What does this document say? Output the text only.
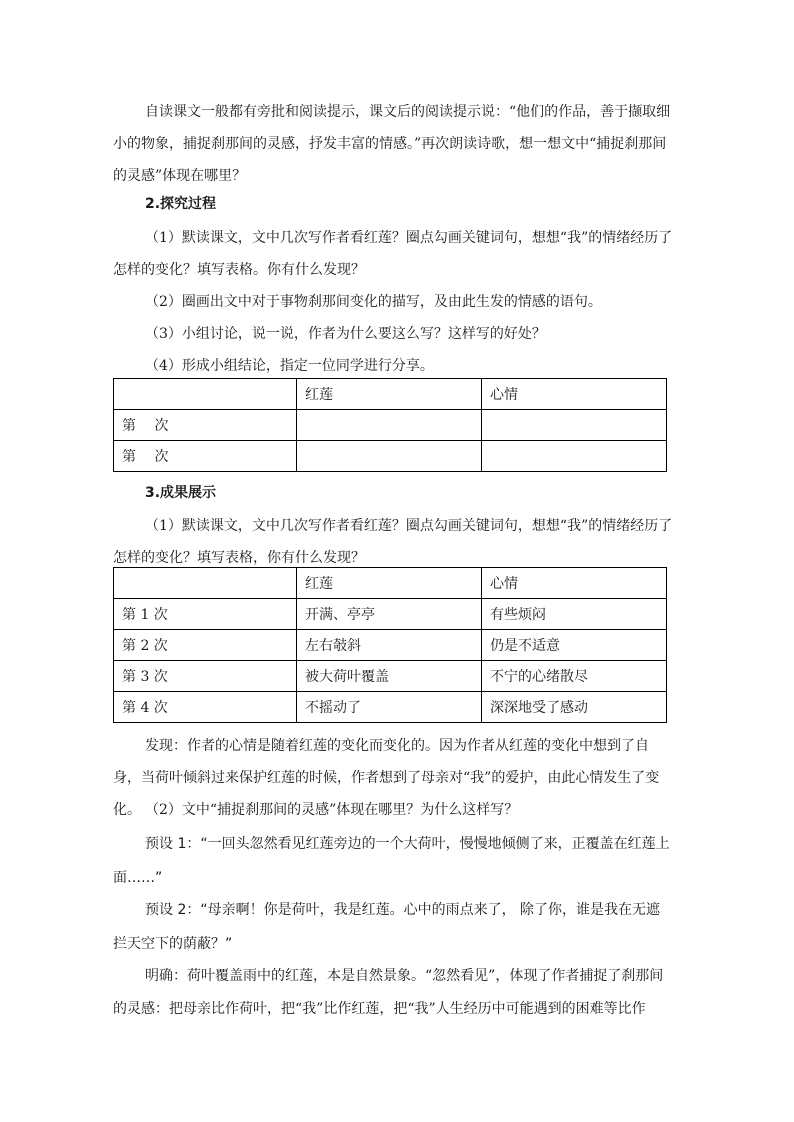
自读课文一般都有旁批和阅读提示，课文后的阅读提示说：“他们的作品，善于撷取细小的物象，捕捉刹那间的灵感，抒发丰富的情感。”再次朗读诗歌，想一想文中“捕捉刹那间的灵感”体现在哪里？

2.探究过程

（1）默读课文，文中几次写作者看红莲？圈点勾画关键词句，想想“我”的情绪经历了怎样的变化？填写表格。你有什么发现？

（2）圈画出文中对于事物刹那间变化的描写，及由此生发的情感的语句。

（3）小组讨论，说一说，作者为什么要这么写？这样写的好处？

（4）形成小组结论，指定一位同学进行分享。

	红莲	心情
第　 次		
第　 次		

3.成果展示

（1）默读课文，文中几次写作者看红莲？圈点勾画关键词句，想想“我”的情绪经历了怎样的变化？填写表格，你有什么发现？

	红莲	心情
第 1 次	开满、亭亭	有些烦闷
第 2 次	左右攲斜	仍是不适意
第 3 次	被大荷叶覆盖	不宁的心绪散尽
第 4 次	不摇动了	深深地受了感动

发现：作者的心情是随着红莲的变化而变化的。因为作者从红莲的变化中想到了自身，当荷叶倾斜过来保护红莲的时候，作者想到了母亲对“我”的爱护，由此心情发生了变化。 （2）文中“捕捉刹那间的灵感”体现在哪里？为什么这样写？

预设 1：“一回头忽然看见红莲旁边的一个大荷叶，慢慢地倾侧了来，正覆盖在红莲上面……”

预设 2：“母亲啊！你是荷叶，我是红莲。心中的雨点来了， 除了你，谁是我在无遮拦天空下的荫蔽？”

明确：荷叶覆盖雨中的红莲，本是自然景象。“忽然看见”，体现了作者捕捉了刹那间的灵感：把母亲比作荷叶，把“我”比作红莲，把“我”人生经历中可能遇到的困难等比作
